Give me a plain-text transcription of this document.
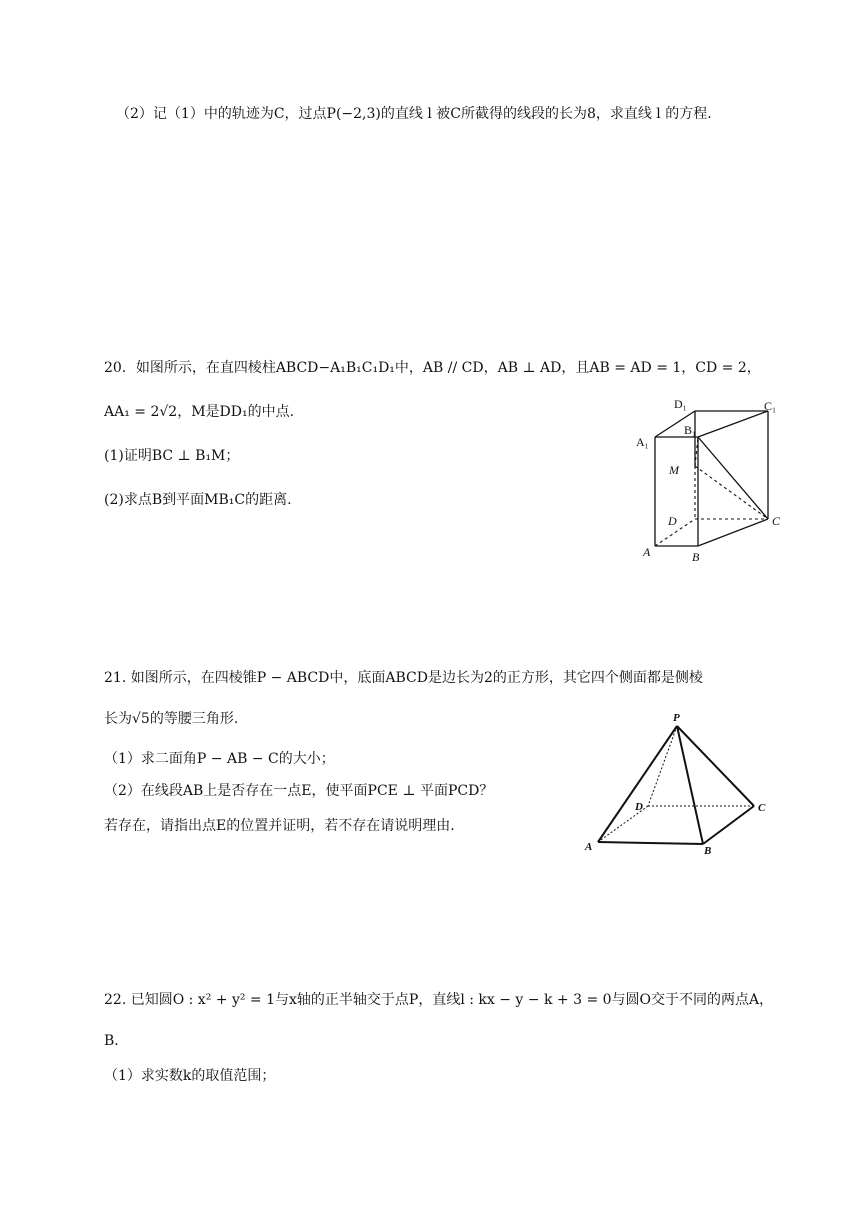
（2）记（1）中的轨迹为C，过点P(−2,3)的直线 l 被C所截得的线段的长为8，求直线 l 的方程.
20．如图所示，在直四棱柱ABCD−A₁B₁C₁D₁中，AB // CD，AB ⊥ AD，且AB = AD = 1，CD = 2，
AA₁ = 2√2，M是DD₁的中点.
(1)证明BC ⊥ B₁M；
(2)求点B到平面MB₁C的距离.
D₁	C₁
A₁
B₁
M
D	C
A	B
P
D	C
A	B
21. 如图所示，在四棱锥P − ABCD中，底面ABCD是边长为2的正方形，其它四个侧面都是侧棱
长为√5的等腰三角形.
（1）求二面角P − AB − C的大小；
（2）在线段AB上是否存在一点E，使平面PCE ⊥ 平面PCD？
若存在，请指出点E的位置并证明，若不存在请说明理由.
22. 已知圆O : x² + y² = 1与x轴的正半轴交于点P，直线l : kx − y − k + 3 = 0与圆O交于不同的两点A，
B．
（1）求实数k的取值范围；
